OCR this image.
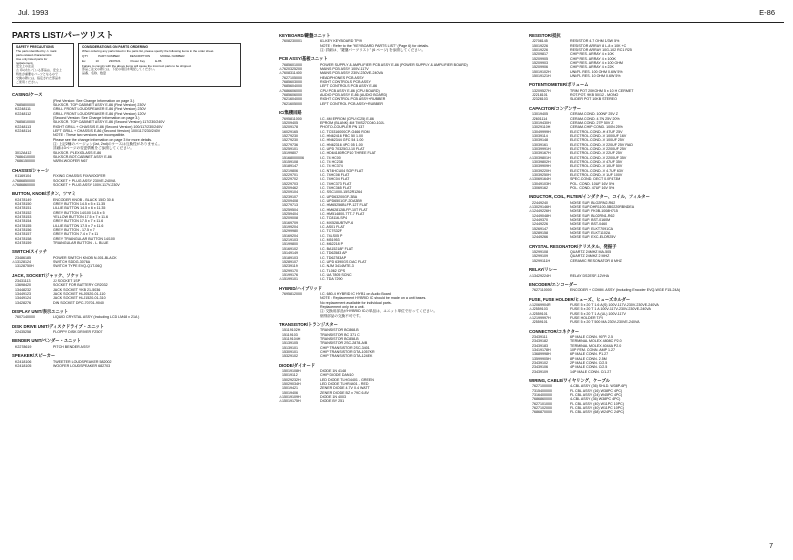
Jul. 1993	E-86
PARTS LIST/パーツリスト
SAFETY PRECAUTIONS
The parts identified by ⚠ mark
parts-related characteristic.
Use only listed parts for
replacement.
安全上の注意
⚠ 印の付いている部品は、安全上
特性が重要なパーツとなるので
交換の際には、指定された部品を
ご使用ください。
CONSIDERATIONS ON PARTS ORDERING
When ordering any parts listed in the parts list, please specify the following items in the order sheet.
QTY	PART NUMBER	DESCRIPTION	MODEL NUMBER
Ex	10	2307021	Power Key	E-86
Failure to comply with the above items will cause the incorrect parts to be shipped.
部品ご注文の際には、下記の項目を明記してください。
品番、名称、数量
CASING/ケース
(First Version: See Change Information on page 3.)
7685800000	SILKSCR. TOP CABINET ASSY E-86 (First Version) 230V
K2248111	GRILL FRONT LOUDSPEAKER E-86 (First Version) 230V
K2248112	GRILL FRONT LOUDSPEAKER E-86 (First Version) 120V
(Second Version: See Change Information on page 3.)
7685810000	SILKSCR. TOP CABINET ASSY E-86 (Second Version) 117/230/240V
K2248113	RIGHT GRILL + CHASSIS E-86 (Second Version) 100/117/230/240V
K2248114	LEFT GRILL + CHASSIS E-86 (Second Version) 100/117/230/240V
NOTE : These two versions are incompatible.
Please see the change information on page 3 for more details.
注: 上記2種のバージョン(1st, 2nd)のケースは互換性がありません。
詳細は3ページの変更情報をご参照してください。
3012A412	SILKSCR. PLEXIGLASS E-86
7686410000	SILKSCR.BOT.CABINET ASSY E-86
7686150000	VARN.WOOFER N67
CHASSIS/シャーシ
K1169104	FIXING CHASSIS FIX/WOOFER
⚠ 7686850000	SOCKET + PLUG ASSY 230VE-240VA
⚠ 7686860000	SOCKET + PLUG ASSY 100V-117V-230V
BUTTON, KNOB/ボタン、ツマミ
K2478149	ENCODER KNOB - BLACK 15/D 30.6
K2478150	GREY BUTTON 14.5 x 5 x 11.35
K2478151	LILLIE BUTTON 14.5 x 6 x 11.35
K2478152	GREY BUTTON 14/100 14.5 x 5
K2478153	YELLOW BUTTON 17.5 x 7 x 11.6
K2478154	GREY BUTTON 17.5 x 7 x 11.6
K2478155	LILLIE BUTTON 17.5 x 7 x 11.6
K2478156	GREY BUTTON - 17.5 x 7
K2478157	GREY BUTTON 7.4 x 7 x 11
K2478158	GREY TRIANGULAR BUTTON 14/100
K2478159	TRIANGULAR BUTTON - L. BLUE
SWITCH/スイッチ
23486185	POWER SWITCH KNOB N-001-BLACK
⚠ 13128124	SWITCH SDDG-3076A
13128750H	SWITCH TYPE EVQ-Q1T-06Q
JACK, SOCKET/ジャック、ソケット
23431113	JJ SOCKET 1SP
13698420	SOCKET FOR BATTERY CR2032
13448232	JACK SOCKET YKB 21-5036
13449123	JACK SOCKET HLJ0520-01-110
13449124	JACK SOCKET HLJ1520-01-310
13428276	DIN SOCKET DPC-70701-9040
DISPLAY UNIT/表示ユニット
7607140000	LIQUID CRYSTAL ASSY (Including LCD LM48 x 21A )
DISK DRIVE UNIT/ディスクドライブ・ユニット
22435258	FLOPPY DISK DRIVER FZ507
BENDER UNIT/ベンダー・ユニット
K2278619	PITCH BENDER ASSY
SPEAKER/スピーカー
K2418106	TWEETER LOUDSPEAKER 582002
K2418105	WOOFER LOUDSPEAKER 682703
KEYBOARD/鍵盤ユニット
7608230001	61-KEY KEYBOARD TP/9
NOTE : Refer to the "KEYBOARD PARTS LIST" (Page 6) for details.
注: 詳細は、"鍵盤パーツリスト" (6 ページ) を参照してください。
PCB ASSY/基板ユニット
7685601000	POWER SUPPLY & AMPLIFIER PCB ASSY E-86 (POWER SUPPLY & AMPLIFIER BOARD)
⚠ 7620325200	MAINS PCB ASSY 100V-117V
⚠ 7608311400	MAINS PCB ASSY 230V-230VE-240VA
7627105000	HEADPHONES PCB ASSY
7685603000	RIGHT CONTROLS PCB ASSY
7685604000	LEFT CONTROLS PCB ASSY E-86
⚠ 7686606000	CPU PCB ASSY E-86 (CPU BOARD)
7685606000	AUDIO PCB ASSY E-86 (AUDIO BOARD)
7621604000	RIGHT CONTROL PCB ASSY+RUBBER
7621605000	LEFT CONTROL PCB ASSY+RUBBER
IC/集積回路
7695811000	I.C. 4M EPROM (CPU IC25) E-86
15209405	EPROM (BLANK) 4M TMS27C040-10JL
15209178	PHOTO-COUPLER PN 137
16029165	I.C. TC5316000CP-G466 ROM
15279230	I.C. HN62416 FBC 50 1.00
15279230	I.C. HN62344 GFC 54 1.00
15279736	I.C. HN62316 4PC 05 1.00
15259101	I.C. UPD 70325GJ-10 FLAT
15199807	I.C. HD64180RCP10 THREE FLAT
15168000006	I.C. 74 HC00
15159108	I.C. 74 HC238
15189147	I.C. 74 HC374
15219806	I.C. NT4HCU04 SOP FLAT
15229701	I.C. 74HC08 FLAT
15229702	I.C. 74HC04 FLAT
15229703	I.C. 74HC373 FLAT
15209462	I.C. 74HC365 FLAT
15209104	I.C. SSC1000-15S2R1264
15239107	I.C. UPD63200GF-3BA
15209408	I.C. UPD6501GF-2DA3B9
15279713	I.C. HM65256BLFP-12T FLAT
15259504	I.C. HM628128LFP-10T FLAT
15259404	I.C. HM514800-7TT-7 FLAT
15209008	I.C. TC8116-SP4
15169709	I.C. MX528UBTVP-6
15199204	I.C. AS01 FLAT
15299980	I.C. TC7S32F
15169204	I.C. 74LS05 P
15219103	I.C. M51953
15199800	I.C. M62218 P
15169102	I.C. BA15218F FLAT
15149149	I.C. TD62583 AP
15189103	I.C. TD62783AP
15289107	I.C. UPD 6390GS DAC FLAT
15239119	I.C. NJM 3414MTE-3
15299170	I.C. TL062 CPS
15199176	I.C. UA 7805 SCNC
⚠ 15199101	I.C. TDA 7290
HYBRID/ハイブリッド
7695812000	I.C. 680-4 HYBRID IC HYB1 on Audio Board
NOTE : Replacement HYBRID IC should be made on a unit bases.
No replacement available for individual parts.
Replacement only be a unit.
注: 交換用部品がHYBRID ICの単品は、ユニット単位で行ってください。
個別部品の交換不可です。
TRANSISTOR/トランジスター
15119102H	TRANSISTOR BC868-B
15119103	TRANSISTOR BC 371 C
15119104H	TRANSISTOR BC858-B
15139105	TRANSISTOR 2SC-2878-A/B
15139101	CHIP TRANSISTOR 2SC-3401
15309101	CHIP TRANSISTOR DTA-1057KR
15329102	CHIP TRANSISTOR DTA-124EK
DIODE/ダイオード
15019108H	DIODE 1N 4148
15019112	CHIP DIODE DAN10
15029232H	LED DIODE TLHG4401 - GREEN
15029034H	LED DIODE TLHR4401 - RED
15019421	ZENER DIODE 4.7V 0.4 WATT
15019406	ZENER DIODE BZ x 79C 6.8V
⚠ 15019109H	DIODE 1N 4003
⚠ 15019175H	DIODE BY 251
RESISTOR/抵抗
J2708145	RESISTOR 4.7 OHM 1/3W 5%
15019226	RESISTOR ARRAY 8 L-8 x 10K +C
15019226	RESISTOR ARRAY 10G-102 RC1 R25
15209817	CHIP RES. ARRAY 4 x 10K
15209905	CHIP RES. ARRAY 4 x 100K
15209903	CHIP RES. ARRAY 4 x 100 OHM
15209906	CHIP RES. ARRAY 4 x 22K
15019102H	UNI/FL RES. 100 OHM 0.6W 5%
15019121H	UNI/FL RES. 10 OHM 0.6W 5%
POTENTIOMETER/ボリューム
13209527H	TRIM POT 20KOHM 5 x 10 H CERMET
J2218101	ROT.POT. 9KB 50/12 - MONO
J2328103	SLIDER POT 10KB STEREO
CAPACITOR/コンデンサー
13019405	CERAM.COND. 100NF 25V Z
J2601114	CERAM.COND. 4.7N 25V 20%
13019430H	CERAM.COND. 27P 50V Z
13029110H	CERAM.CHIP COND. 100N 25%
13049999H	ELECTROL.COND.-H 47UF 25V
13039114	ELECTROL.COND.-V 1000UF 16V
13039148	ELECTROL.COND.-V 100UF 25V
13039161	ELECTROL.COND.-V 220UF 25V RAD
13039991H	ELECTROL.COND.-V 2200UF 25V
13039167H	ELECTROL.COND.-V 22UF 25V
⚠ 13039801H	ELECTROL.COND.-V 2200UF 35V
13039802H	ELECTROL.COND.-V 47UF 35V
13039909H	ELECTROL.COND.-V 10UF 50V
13039220H	ELECTROL.COND.-V 4.7UF 63V
13039250H	ELECTROL.COND.-V 1UF 100V
⚠ 13069164H	SPEC.COND. DECT 0.0F473M
13049103H	POL. COND. 10UF 16V 5%
13069162	POL. COND. 47UF 16V 5%
INDUCTOR, COIL, FILTER/インダクター、コイル、フィルター
22449240	NOISE SUP. BLO2RN2-R62
⚠ 13029146H	NOISE SUP.DHR1100-5B0220RBNDEA
⚠ 12449226H	NOISE SUP. FK0B-1008H715
12449048H	NOISE SUP. BL02RN1-R62
12449370	NOISE SUP. BST-0160M
12449226	NOISE SUP. BST-0460
15269147	NOISE SUP. ELKT7091CA
15289158	NOISE SUP. ELKT1102A
12449266	NOISE SUP. EXC-ELDR25V
CRYSTAL RESONATOR/クリスタル、発振子
15299108	QUARTZ 24MHZ MA-505
15299109	QUARTZ 24MHZ 2 MHZ
15299111H	CERAMIC RESONATOR 8 MHZ
RELAY/リレー
⚠ 13429224H	RELAY DS2ESF-12VHA
ENCODER/エンコーダー
7627110000	ENCODER + COMM. ASSY (Including Encoder EVQ-WGE F15-24A)
FUSE, FUSE HOLDER/ヒューズ、ヒューズホルダー
⚠ 12069904R	FUSE 5 x 20 T 1.6 A(S) 100V-117V-230V-230VE-240VA
⚠ J2559103	FUSE 5 x 20 T 1 A 100V-117V-230V-230VE-240VA
⚠ J2559101	FUSE 5 x 20 T 1 A (UL) 100V-117V
⚠ 12199997H	FUSE HOLDER T.P.I
J2559101	FUSE 5 x 20 T 500 MA 230V-230VE-240VA
CONNECTOR/コネクター
23439111	6P MALE CONN. 90°P. 2.5
23439182	TERMINAL MOLEX 4808C P2.0
23439183	TERMINAL MOLEX 4044A P2.0
13419178H	10P FEM. CONN. AMP 1.27
13689998H	6P MALE CONN. P1.27
13599905H	8P MALE CONN. 2.5M
23439102	2P MALE CONN. C/2.5
23439106	4P MALE CONN. C/2.5
23439109	14P MALE CONN. C/1.27
WIRING, CABLE/ワイヤリング、ケーブル
7627100000	4-CBL ASSY (36) SHLD. W38P-6P)
7315400000	FL CBL ASSY (16) W38PC 4PC)
7316400000	FL CBL ASSY (24) W45PC 4PC)
7686860000	4-CBL ASSY (36) W38PC 4PC)
7627101000	FL CBL ASSY (40) W11PC 10PC)
7627102000	FL CBL ASSY (40) W11PC 10PC)
7686870000	FL CBL ASSY (68) W24PC 24PC)
7
